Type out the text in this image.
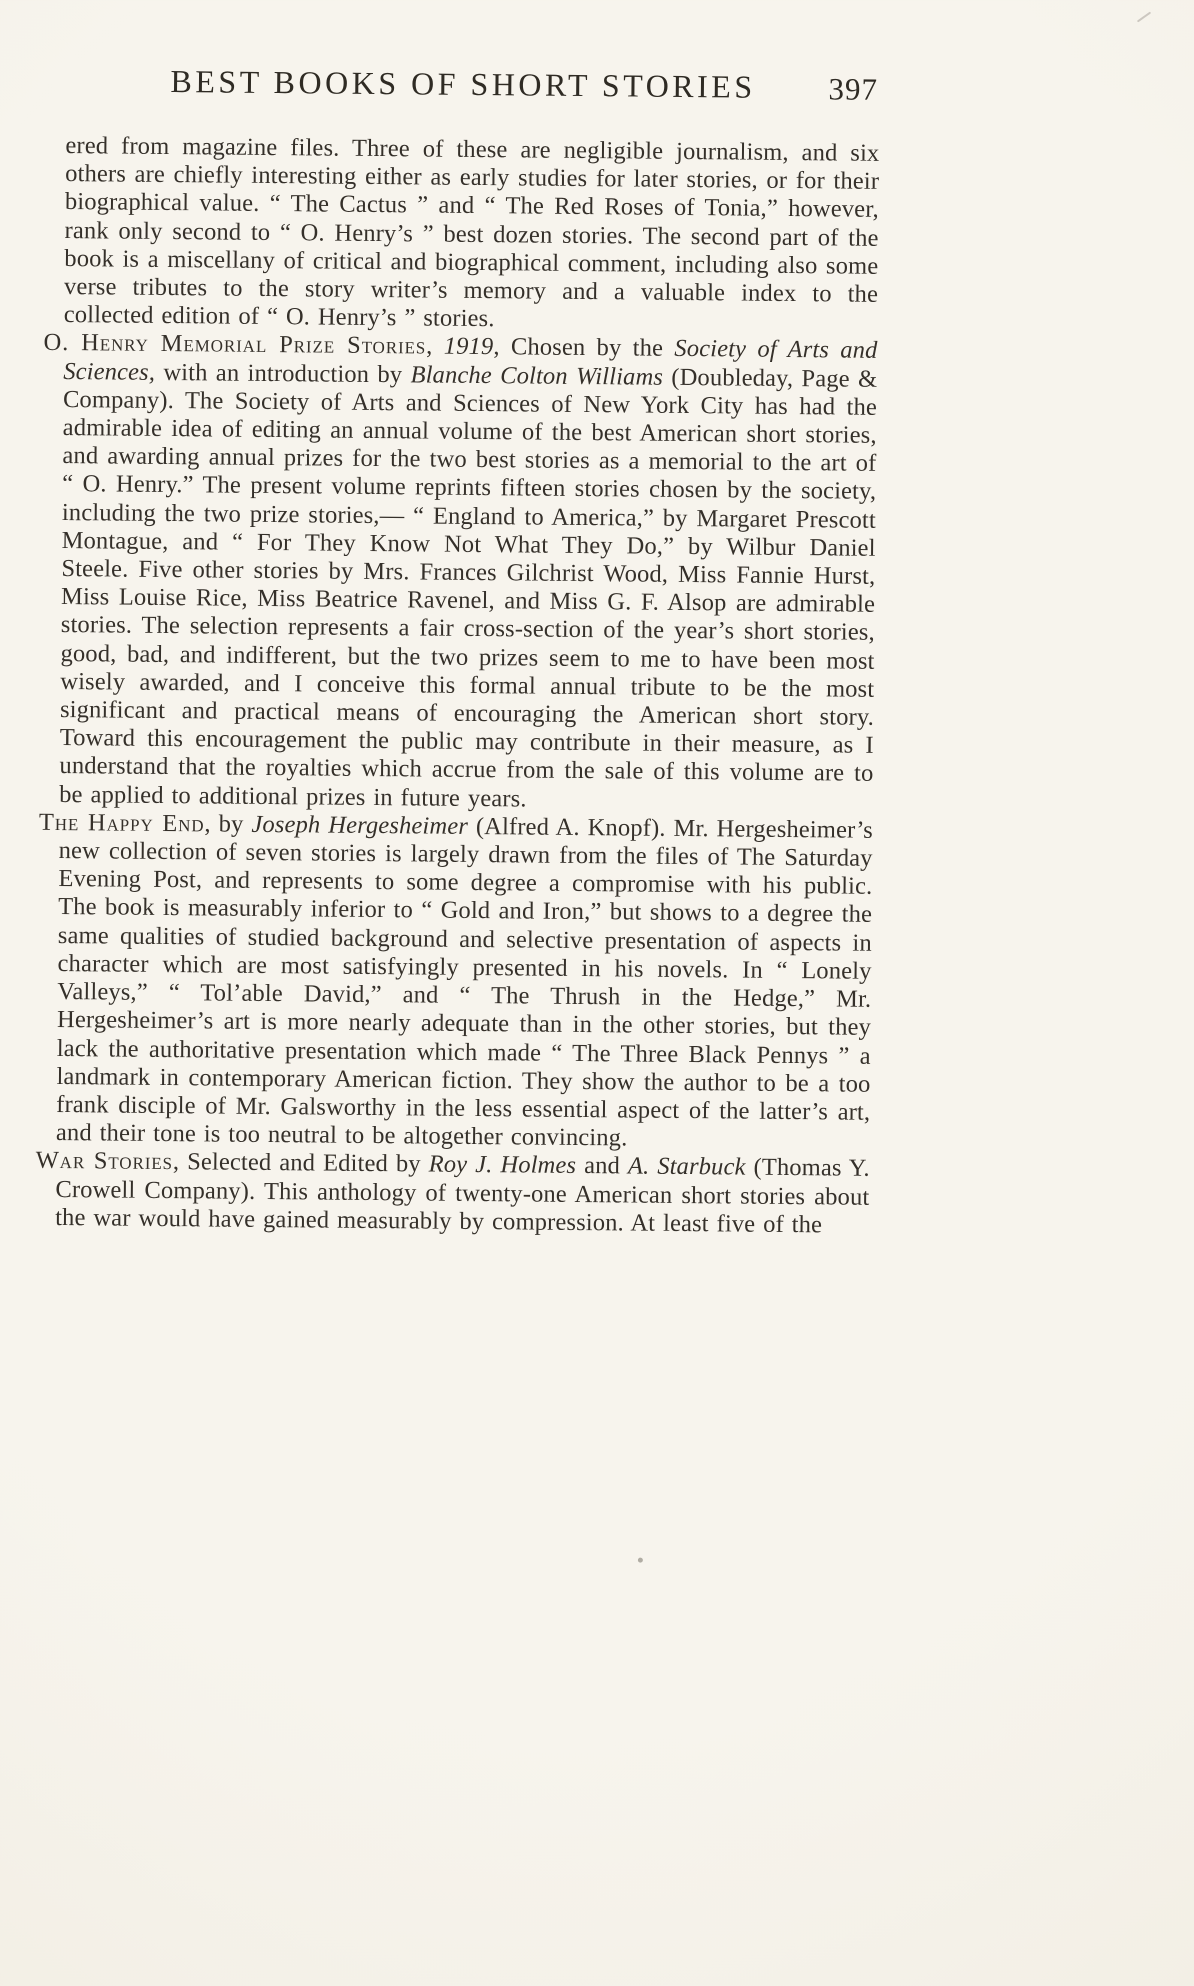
BEST BOOKS OF SHORT STORIES	397

ered from magazine files. Three of these are negligible journalism, and six others are chiefly interesting either as early studies for later stories, or for their biographical value. “ The Cactus ” and “ The Red Roses of Tonia,” however, rank only second to “ O. Henry’s ” best dozen stories. The second part of the book is a miscellany of critical and biographical comment, including also some verse tributes to the story writer’s memory and a valuable index to the collected edition of “ O. Henry’s ” stories.

O. Henry Memorial Prize Stories, 1919, Chosen by the Society of Arts and Sciences, with an introduction by Blanche Colton Williams (Doubleday, Page & Company). The Society of Arts and Sciences of New York City has had the admirable idea of editing an annual volume of the best American short stories, and awarding annual prizes for the two best stories as a memorial to the art of “ O. Henry.” The present volume reprints fifteen stories chosen by the society, including the two prize stories,— “ England to America,” by Margaret Prescott Montague, and “ For They Know Not What They Do,” by Wilbur Daniel Steele. Five other stories by Mrs. Frances Gilchrist Wood, Miss Fannie Hurst, Miss Louise Rice, Miss Beatrice Ravenel, and Miss G. F. Alsop are admirable stories. The selection represents a fair cross-section of the year’s short stories, good, bad, and indifferent, but the two prizes seem to me to have been most wisely awarded, and I conceive this formal annual tribute to be the most significant and practical means of encouraging the American short story. Toward this encouragement the public may contribute in their measure, as I understand that the royalties which accrue from the sale of this volume are to be applied to additional prizes in future years.

The Happy End, by Joseph Hergesheimer (Alfred A. Knopf). Mr. Hergesheimer’s new collection of seven stories is largely drawn from the files of The Saturday Evening Post, and represents to some degree a compromise with his public. The book is measurably inferior to “ Gold and Iron,” but shows to a degree the same qualities of studied background and selective presentation of aspects in character which are most satisfyingly presented in his novels. In “ Lonely Valleys,” “ Tol’able David,” and “ The Thrush in the Hedge,” Mr. Hergesheimer’s art is more nearly adequate than in the other stories, but they lack the authoritative presentation which made “ The Three Black Pennys ” a landmark in contemporary American fiction. They show the author to be a too frank disciple of Mr. Galsworthy in the less essential aspect of the latter’s art, and their tone is too neutral to be altogether convincing.

War Stories, Selected and Edited by Roy J. Holmes and A. Starbuck (Thomas Y. Crowell Company). This anthology of twenty-one American short stories about the war would have gained measurably by compression. At least five of the
